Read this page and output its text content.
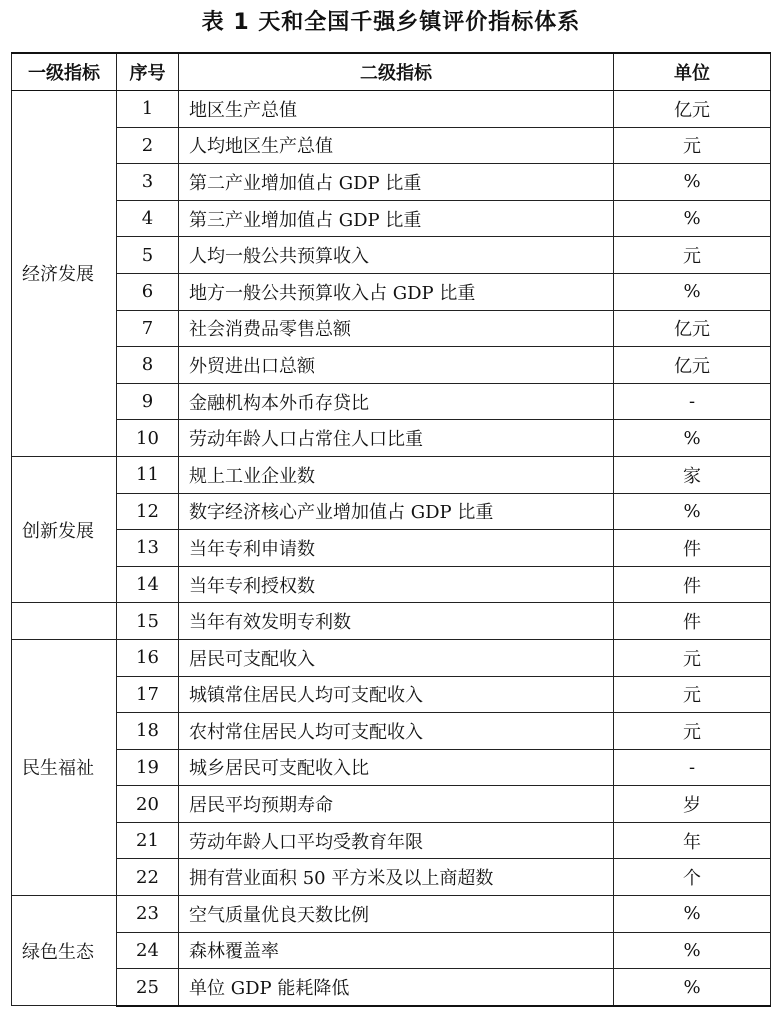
表 1 天和全国千强乡镇评价指标体系
一级指标	序号	二级指标	单位
经济发展	1	地区生产总值	亿元
	2	人均地区生产总值	元
	3	第二产业增加值占 GDP 比重	%
	4	第三产业增加值占 GDP 比重	%
	5	人均一般公共预算收入	元
	6	地方一般公共预算收入占 GDP 比重	%
	7	社会消费品零售总额	亿元
	8	外贸进出口总额	亿元
	9	金融机构本外币存贷比	-
	10	劳动年龄人口占常住人口比重	%
创新发展	11	规上工业企业数	家
	12	数字经济核心产业增加值占 GDP 比重	%
	13	当年专利申请数	件
	14	当年专利授权数	件
	15	当年有效发明专利数	件
民生福祉	16	居民可支配收入	元
	17	城镇常住居民人均可支配收入	元
	18	农村常住居民人均可支配收入	元
	19	城乡居民可支配收入比	-
	20	居民平均预期寿命	岁
	21	劳动年龄人口平均受教育年限	年
	22	拥有营业面积 50 平方米及以上商超数	个
绿色生态	23	空气质量优良天数比例	%
	24	森林覆盖率	%
	25	单位 GDP 能耗降低	%
